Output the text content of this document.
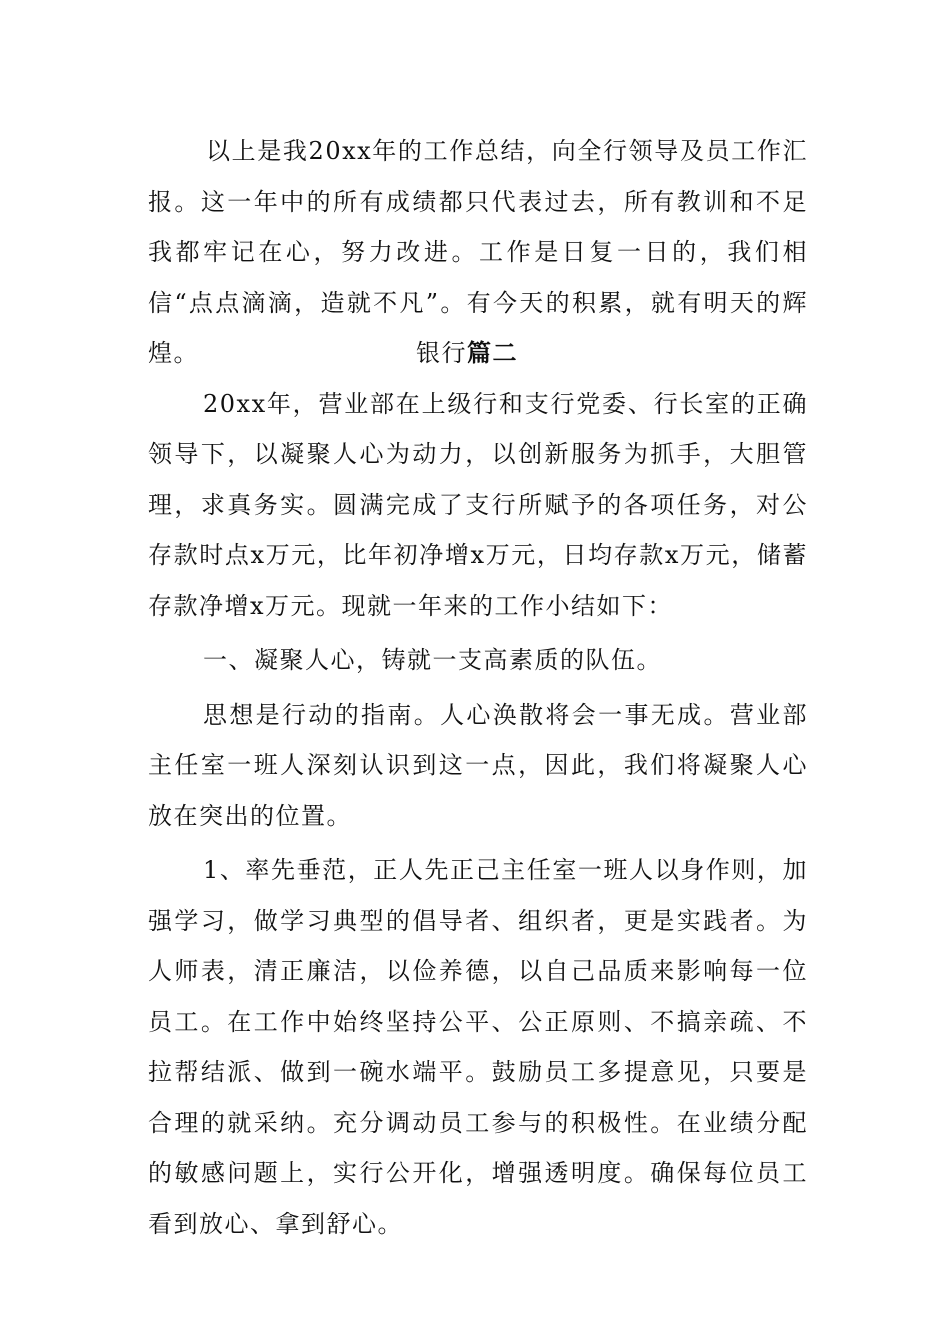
以上是我20xx年的工作总结，向全行领导及员工作汇报。这一年中的所有成绩都只代表过去，所有教训和不足我都牢记在心，努力改进。工作是日复一日的，我们相信“点点滴滴，造就不凡”。有今天的积累，就有明天的辉煌。	银行篇二

20xx年，营业部在上级行和支行党委、行长室的正确领导下，以凝聚人心为动力，以创新服务为抓手，大胆管理，求真务实。圆满完成了支行所赋予的各项任务，对公存款时点x万元，比年初净增x万元，日均存款x万元，储蓄存款净增x万元。现就一年来的工作小结如下：

一、凝聚人心，铸就一支高素质的队伍。

思想是行动的指南。人心涣散将会一事无成。营业部主任室一班人深刻认识到这一点，因此，我们将凝聚人心放在突出的位置。

1、率先垂范，正人先正己主任室一班人以身作则，加强学习，做学习典型的倡导者、组织者，更是实践者。为人师表，清正廉洁，以俭养德，以自己品质来影响每一位员工。在工作中始终坚持公平、公正原则、不搞亲疏、不拉帮结派、做到一碗水端平。鼓励员工多提意见，只要是合理的就采纳。充分调动员工参与的积极性。在业绩分配的敏感问题上，实行公开化，增强透明度。确保每位员工看到放心、拿到舒心。
